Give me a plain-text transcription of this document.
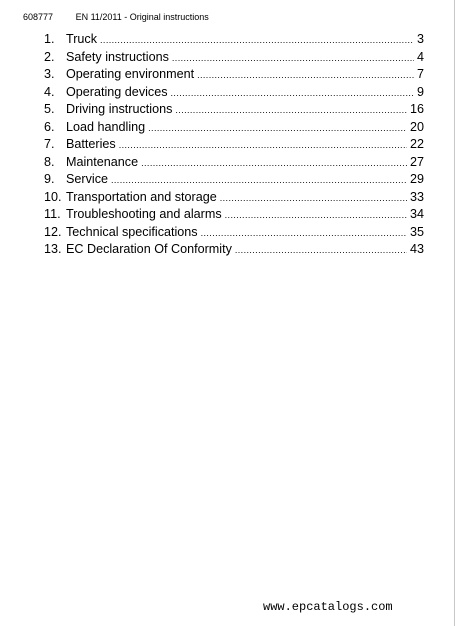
608777	EN 11/2011 - Original instructions
1. Truck .....	3
2. Safety instructions .....	4
3. Operating environment .....	7
4. Operating devices .....	9
5. Driving instructions .....	16
6. Load handling .....	20
7. Batteries .....	22
8. Maintenance .....	27
9. Service .....	29
10. Transportation and storage .....	33
11. Troubleshooting and alarms .....	34
12. Technical specifications .....	35
13. EC Declaration Of Conformity .....	43
www.epcatalogs.com
